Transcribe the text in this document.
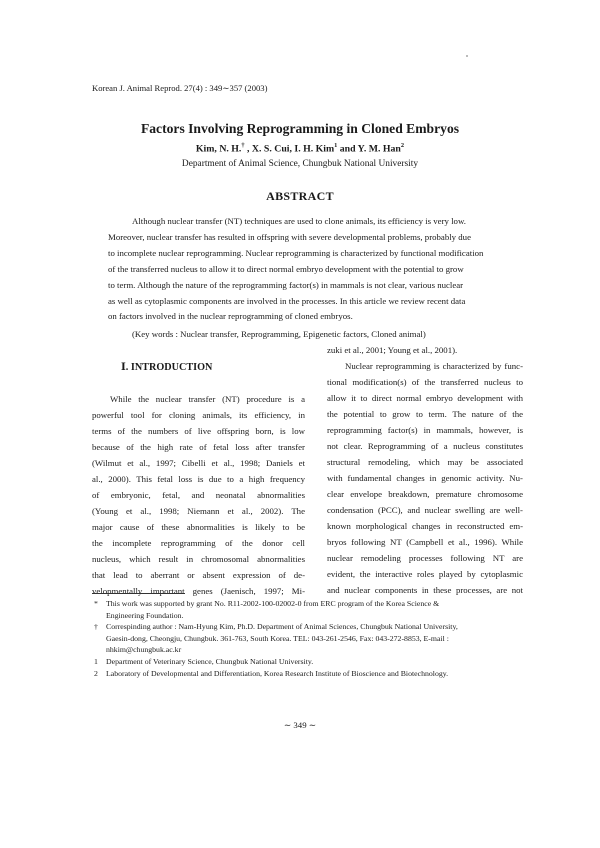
Korean J. Animal Reprod. 27(4) : 349∼357 (2003)
Factors Involving Reprogramming in Cloned Embryos
Kim, N. H.† , X. S. Cui, I. H. Kim$^1$ and Y. M. Han$^2$
Department of Animal Science, Chungbuk National University
ABSTRACT
Although nuclear transfer (NT) techniques are used to clone animals, its efficiency is very low.
Moreover, nuclear transfer has resulted in offspring with severe developmental problems, probably due
to incomplete nuclear reprogramming. Nuclear reprogramming is characterized by functional modification
of the transferred nucleus to allow it to direct normal embryo development with the potential to grow
to term. Although the nature of the reprogramming factor(s) in mammals is not clear, various nuclear
as well as cytoplasmic components are involved in the processes. In this article we review recent data
on factors involved in the nuclear reprogramming of cloned embryos.
(Key words : Nuclear transfer, Reprogramming, Epigenetic factors, Cloned animal)
Ⅰ. INTRODUCTION
While the nuclear transfer (NT) procedure is a
powerful tool for cloning animals, its efficiency, in
terms of the numbers of live offspring born, is low
because of the high rate of fetal loss after transfer
(Wilmut et al., 1997; Cibelli et al., 1998; Daniels et
al., 2000). This fetal loss is due to a high frequency
of embryonic, fetal, and neonatal abnormalities
(Young et al., 1998; Niemann et al., 2002). The
major cause of these abnormalities is likely to be
the incomplete reprogramming of the donor cell
nucleus, which result in chromosomal abnormalities
that lead to aberrant or absent expression of de-
velopmentally important genes (Jaenisch, 1997; Mi-
zuki et al., 2001; Young et al., 2001).
Nuclear reprogramming is characterized by func-
tional modification(s) of the transferred nucleus to
allow it to direct normal embryo development with
the potential to grow to term. The nature of the
reprogramming factor(s) in mammals, however, is
not clear. Reprogramming of a nucleus constitutes
structural remodeling, which may be associated
with fundamental changes in genomic activity. Nu-
clear envelope breakdown, premature chromosome
condensation (PCC), and nuclear swelling are well-
known morphological changes in reconstructed em-
bryos following NT (Campbell et al., 1996). While
nuclear remodeling processes following NT are
evident, the interactive roles played by cytoplasmic
and nuclear components in these processes, are not
* This work was supported by grant No. R11-2002-100-02002-0 from ERC program of the Korea Science &
Engineering Foundation.
† Correspinding author : Nam-Hyung Kim, Ph.D. Department of Animal Sciences, Chungbuk National University,
Gaesin-dong, Cheongju, Chungbuk. 361-763, South Korea. TEL: 043-261-2546, Fax: 043-272-8853, E-mail :
nhkim@chungbuk.ac.kr
1 Department of Veterinary Science, Chungbuk National University.
2 Laboratory of Developmental and Differentiation, Korea Research Institute of Bioscience and Biotechnology.
∼ 349 ∼
